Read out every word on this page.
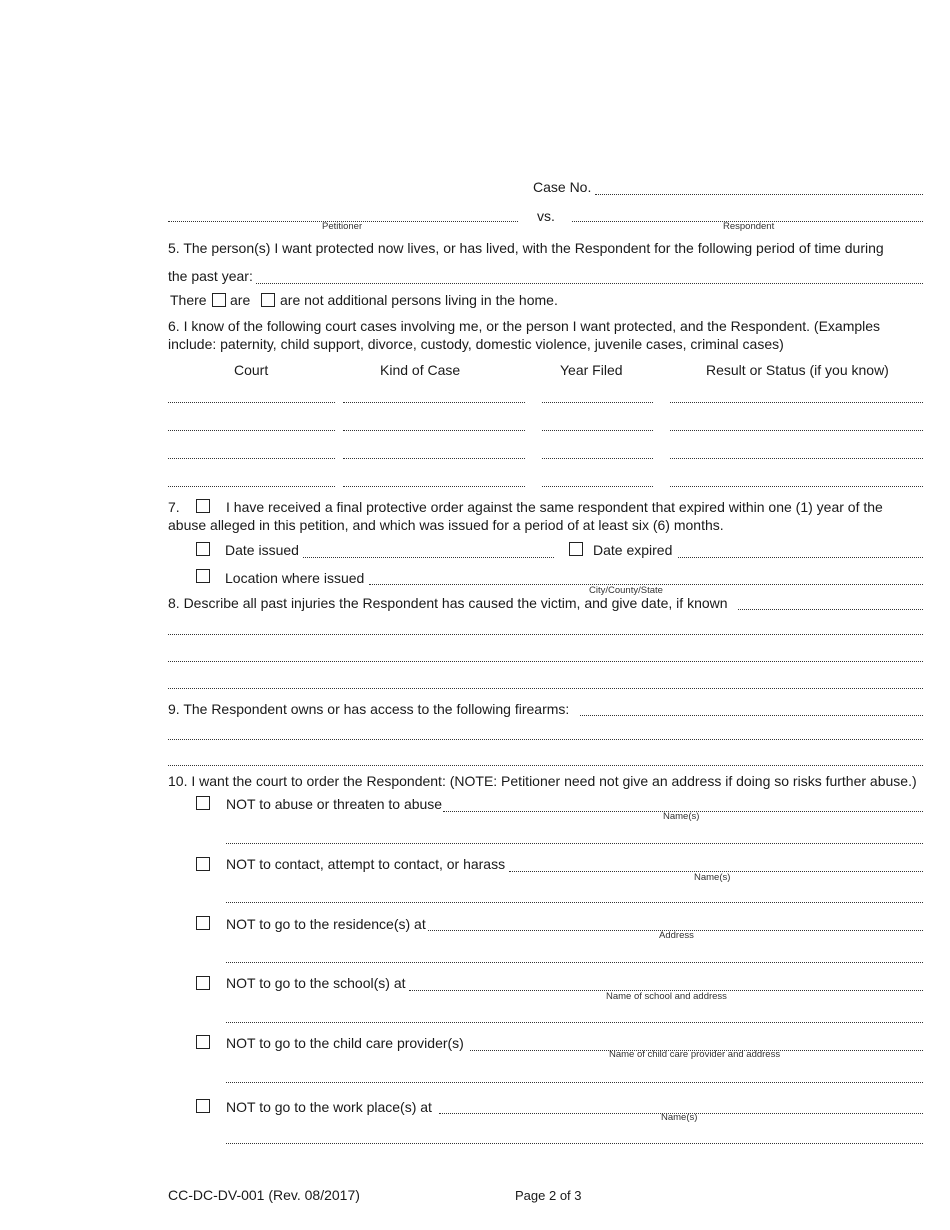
Case No.
Petitioner
vs.
Respondent
5. The person(s) I want protected now lives, or has lived, with the Respondent for the following period of time during
the past year:
There are are not additional persons living in the home.
6. I know of the following court cases involving me, or the person I want protected, and the Respondent. (Examples
include: paternity, child support, divorce, custody, domestic violence, juvenile cases, criminal cases)
Court	Kind of Case	Year Filed	Result or Status (if you know)
7.	I have received a final protective order against the same respondent that expired within one (1) year of the
abuse alleged in this petition, and which was issued for a period of at least six (6) months.
Date issued	Date expired
Location where issued
City/County/State
8. Describe all past injuries the Respondent has caused the victim, and give date, if known
9. The Respondent owns or has access to the following firearms:
10. I want the court to order the Respondent: (NOTE: Petitioner need not give an address if doing so risks further abuse.)
NOT to abuse or threaten to abuse
Name(s)
NOT to contact, attempt to contact, or harass
Name(s)
NOT to go to the residence(s) at
Address
NOT to go to the school(s) at
Name of school and address
NOT to go to the child care provider(s)
Name of child care provider and address
NOT to go to the work place(s) at
Name(s)
CC-DC-DV-001 (Rev. 08/2017)	Page 2 of 3
